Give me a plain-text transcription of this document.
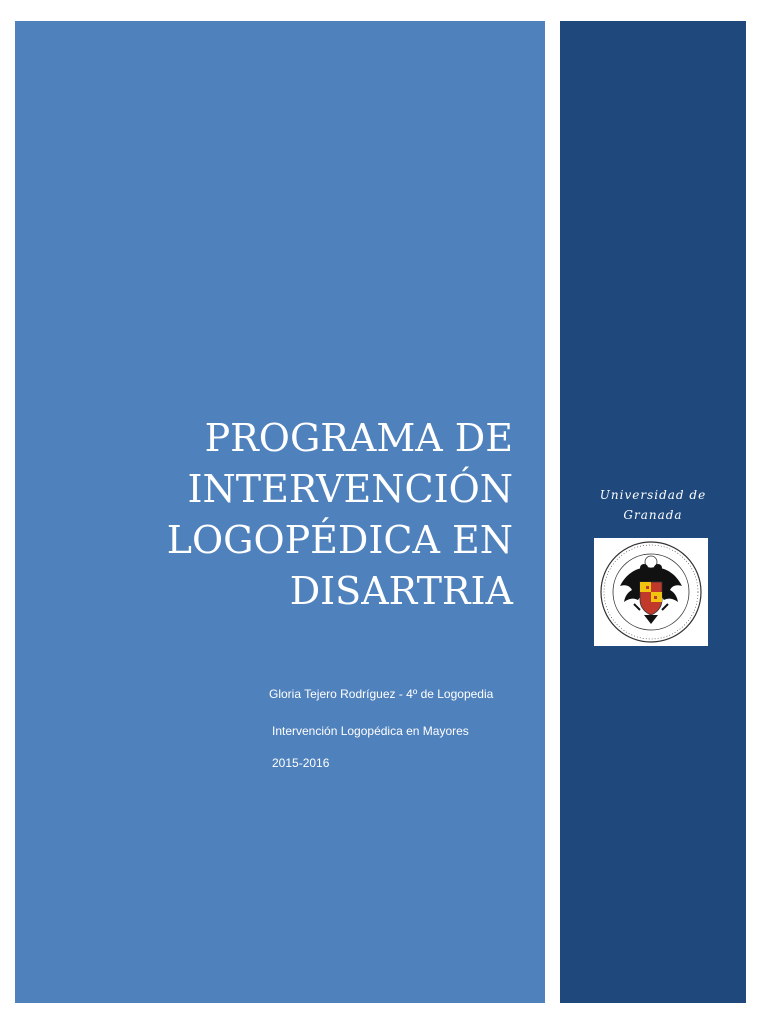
PROGRAMA DE
INTERVENCIÓN
LOGOPÉDICA EN
DISARTRIA
Gloria Tejero Rodríguez - 4º de Logopedia
Intervención Logopédica en Mayores
2015-2016
Universidad de
Granada
